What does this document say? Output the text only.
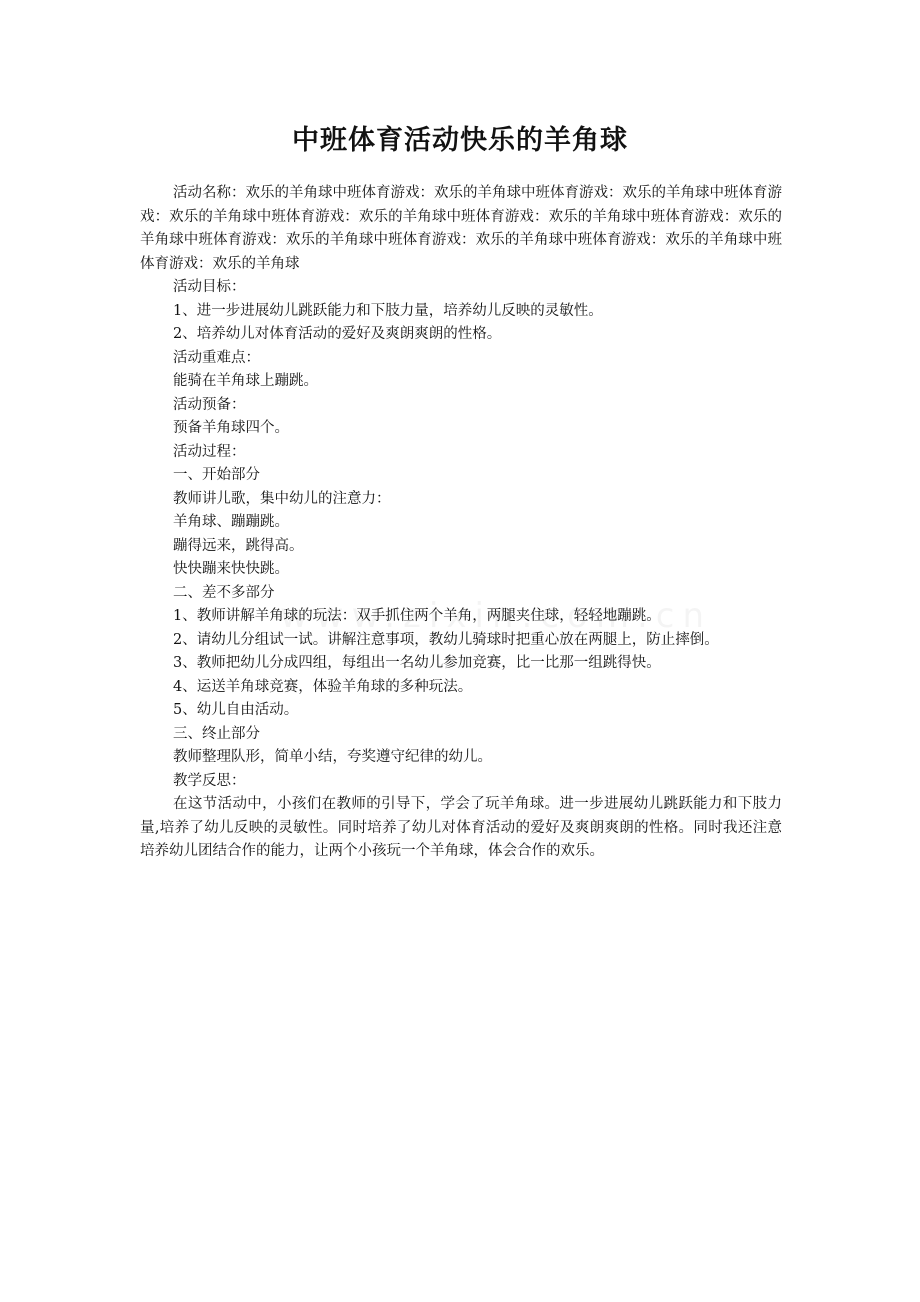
中班体育活动快乐的羊角球

活动名称：欢乐的羊角球中班体育游戏：欢乐的羊角球中班体育游戏：欢乐的羊角球中班体育游戏：欢乐的羊角球中班体育游戏：欢乐的羊角球中班体育游戏：欢乐的羊角球中班体育游戏：欢乐的羊角球中班体育游戏：欢乐的羊角球中班体育游戏：欢乐的羊角球中班体育游戏：欢乐的羊角球中班体育游戏：欢乐的羊角球

活动目标：

1、进一步进展幼儿跳跃能力和下肢力量，培养幼儿反映的灵敏性。

2、培养幼儿对体育活动的爱好及爽朗爽朗的性格。

活动重难点：

能骑在羊角球上蹦跳。

活动预备：

预备羊角球四个。

活动过程：

一、开始部分

教师讲儿歌，集中幼儿的注意力：

羊角球、蹦蹦跳。

蹦得远来，跳得高。

快快蹦来快快跳。

二、差不多部分

1、教师讲解羊角球的玩法：双手抓住两个羊角，两腿夹住球，轻轻地蹦跳。

2、请幼儿分组试一试。讲解注意事项，教幼儿骑球时把重心放在两腿上，防止摔倒。

3、教师把幼儿分成四组，每组出一名幼儿参加竞赛，比一比那一组跳得快。

4、运送羊角球竞赛，体验羊角球的多种玩法。

5、幼儿自由活动。

三、终止部分

教师整理队形，简单小结，夸奖遵守纪律的幼儿。

教学反思：

在这节活动中，小孩们在教师的引导下，学会了玩羊角球。进一步进展幼儿跳跃能力和下肢力量,培养了幼儿反映的灵敏性。同时培养了幼儿对体育活动的爱好及爽朗爽朗的性格。同时我还注意培养幼儿团结合作的能力，让两个小孩玩一个羊角球，体会合作的欢乐。
